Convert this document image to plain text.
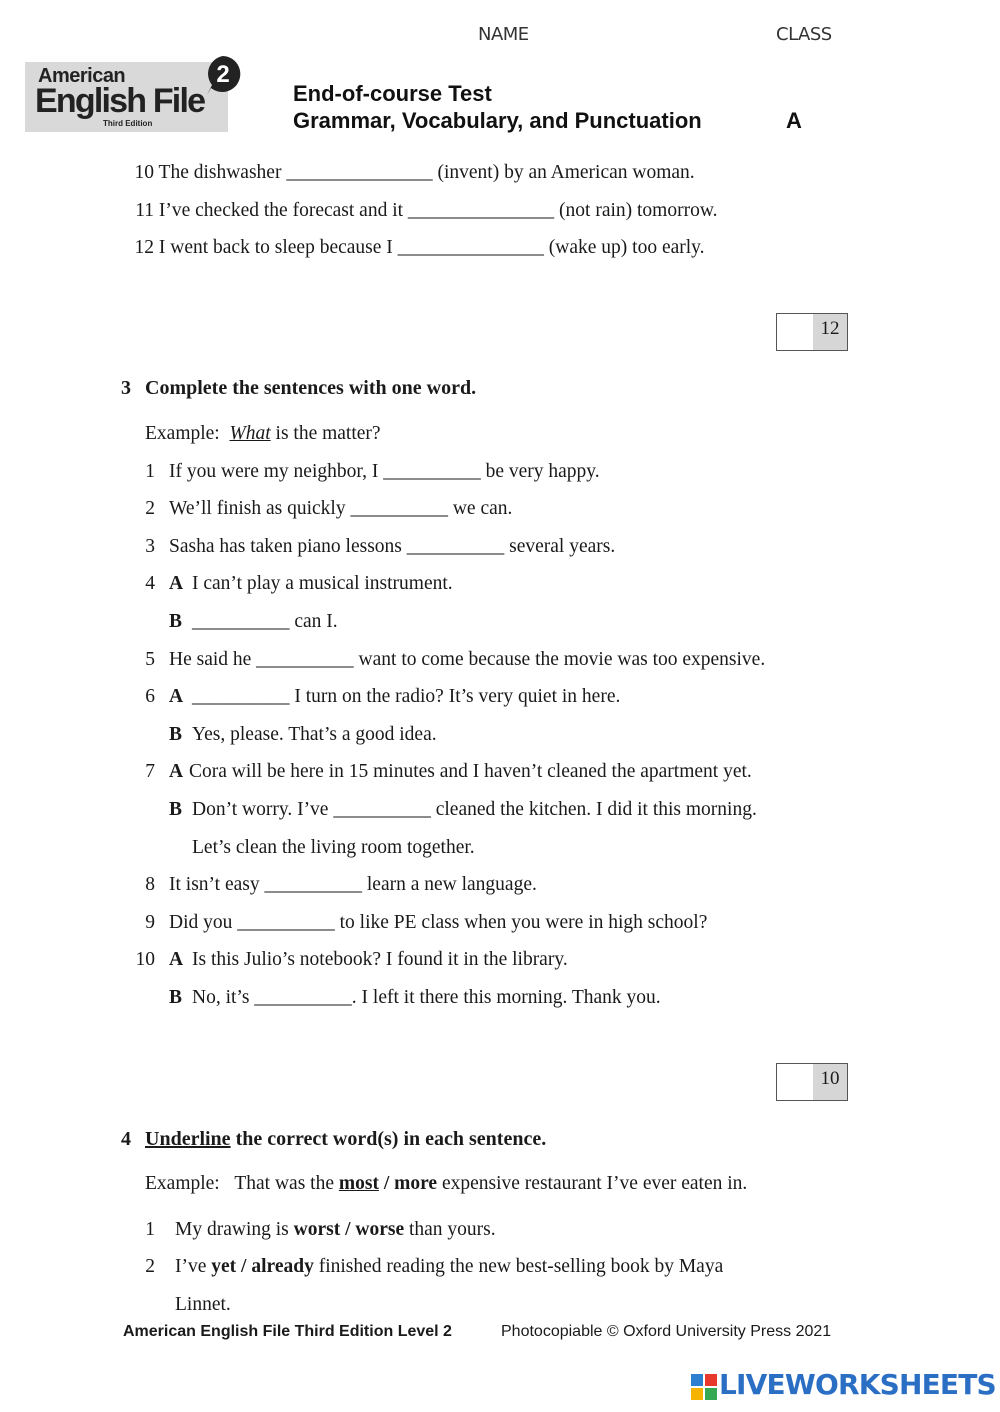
NAME	CLASS
American
English File
Third Edition
2
End-of-course Test
Grammar, Vocabulary, and Punctuation	A
10 The dishwasher _______________ (invent) by an American woman.
11 I’ve checked the forecast and it _______________ (not rain) tomorrow.
12 I went back to sleep because I _______________ (wake up) too early.
12
3 Complete the sentences with one word.
Example: What is the matter?
1 If you were my neighbor, I __________ be very happy.
2 We’ll finish as quickly __________ we can.
3 Sasha has taken piano lessons __________ several years.
4 A I can’t play a musical instrument.
B __________ can I.
5 He said he __________ want to come because the movie was too expensive.
6 A __________ I turn on the radio? It’s very quiet in here.
B Yes, please. That’s a good idea.
7 A Cora will be here in 15 minutes and I haven’t cleaned the apartment yet.
B Don’t worry. I’ve __________ cleaned the kitchen. I did it this morning.
Let’s clean the living room together.
8 It isn’t easy __________ learn a new language.
9 Did you __________ to like PE class when you were in high school?
10 A Is this Julio’s notebook? I found it in the library.
B No, it’s __________. I left it there this morning. Thank you.
10
4 Underline the correct word(s) in each sentence.
Example: That was the most / more expensive restaurant I’ve ever eaten in.
1 My drawing is worst / worse than yours.
2 I’ve yet / already finished reading the new best-selling book by Maya
Linnet.
American English File Third Edition Level 2	Photocopiable © Oxford University Press 2021
LIVEWORKSHEETS
